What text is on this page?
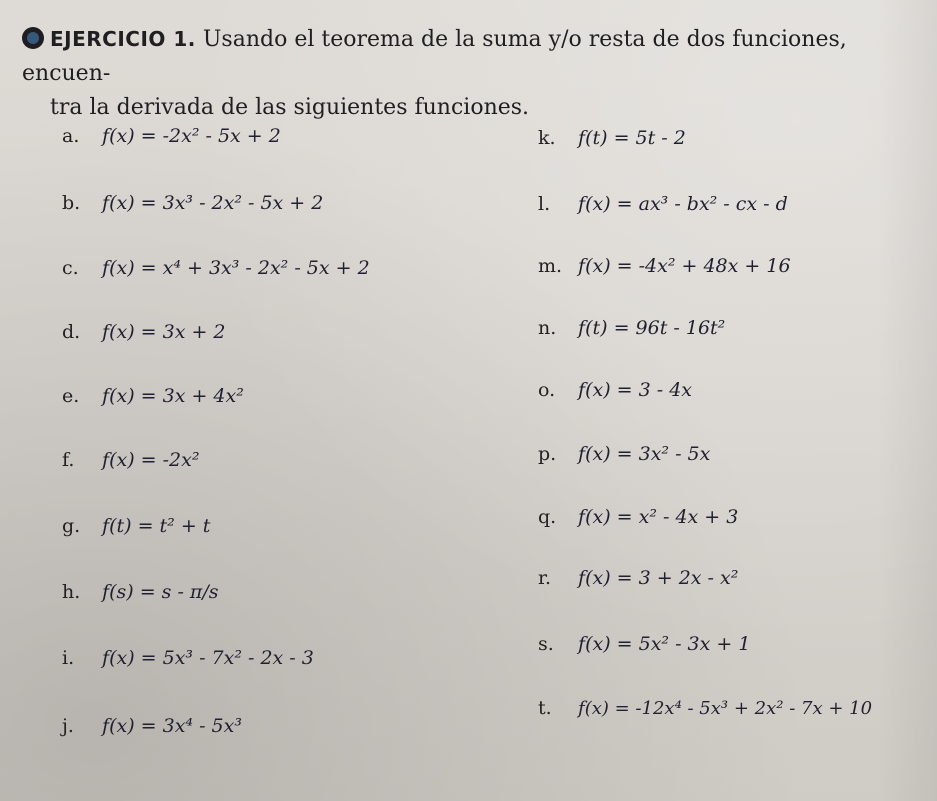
EJERCICIO 1. Usando el teorema de la suma y/o resta de dos funciones, encuen-
tra la derivada de las siguientes funciones.
a. f(x) = -2x² - 5x + 2
b. f(x) = 3x³ - 2x² - 5x + 2
c. f(x) = x⁴ + 3x³ - 2x² - 5x + 2
d. f(x) = 3x + 2
e. f(x) = 3x + 4x²
f. f(x) = -2x²
g. f(t) = t² + t
h. f(s) = s - π/s
i. f(x) = 5x³ - 7x² - 2x - 3
j. f(x) = 3x⁴ - 5x³
k. f(t) = 5t - 2
l. f(x) = ax³ - bx² - cx - d
m. f(x) = -4x² + 48x + 16
n. f(t) = 96t - 16t²
o. f(x) = 3 - 4x
p. f(x) = 3x² - 5x
q. f(x) = x² - 4x + 3
r. f(x) = 3 + 2x - x²
s. f(x) = 5x² - 3x + 1
t. f(x) = -12x⁴ - 5x³ + 2x² - 7x + 10
